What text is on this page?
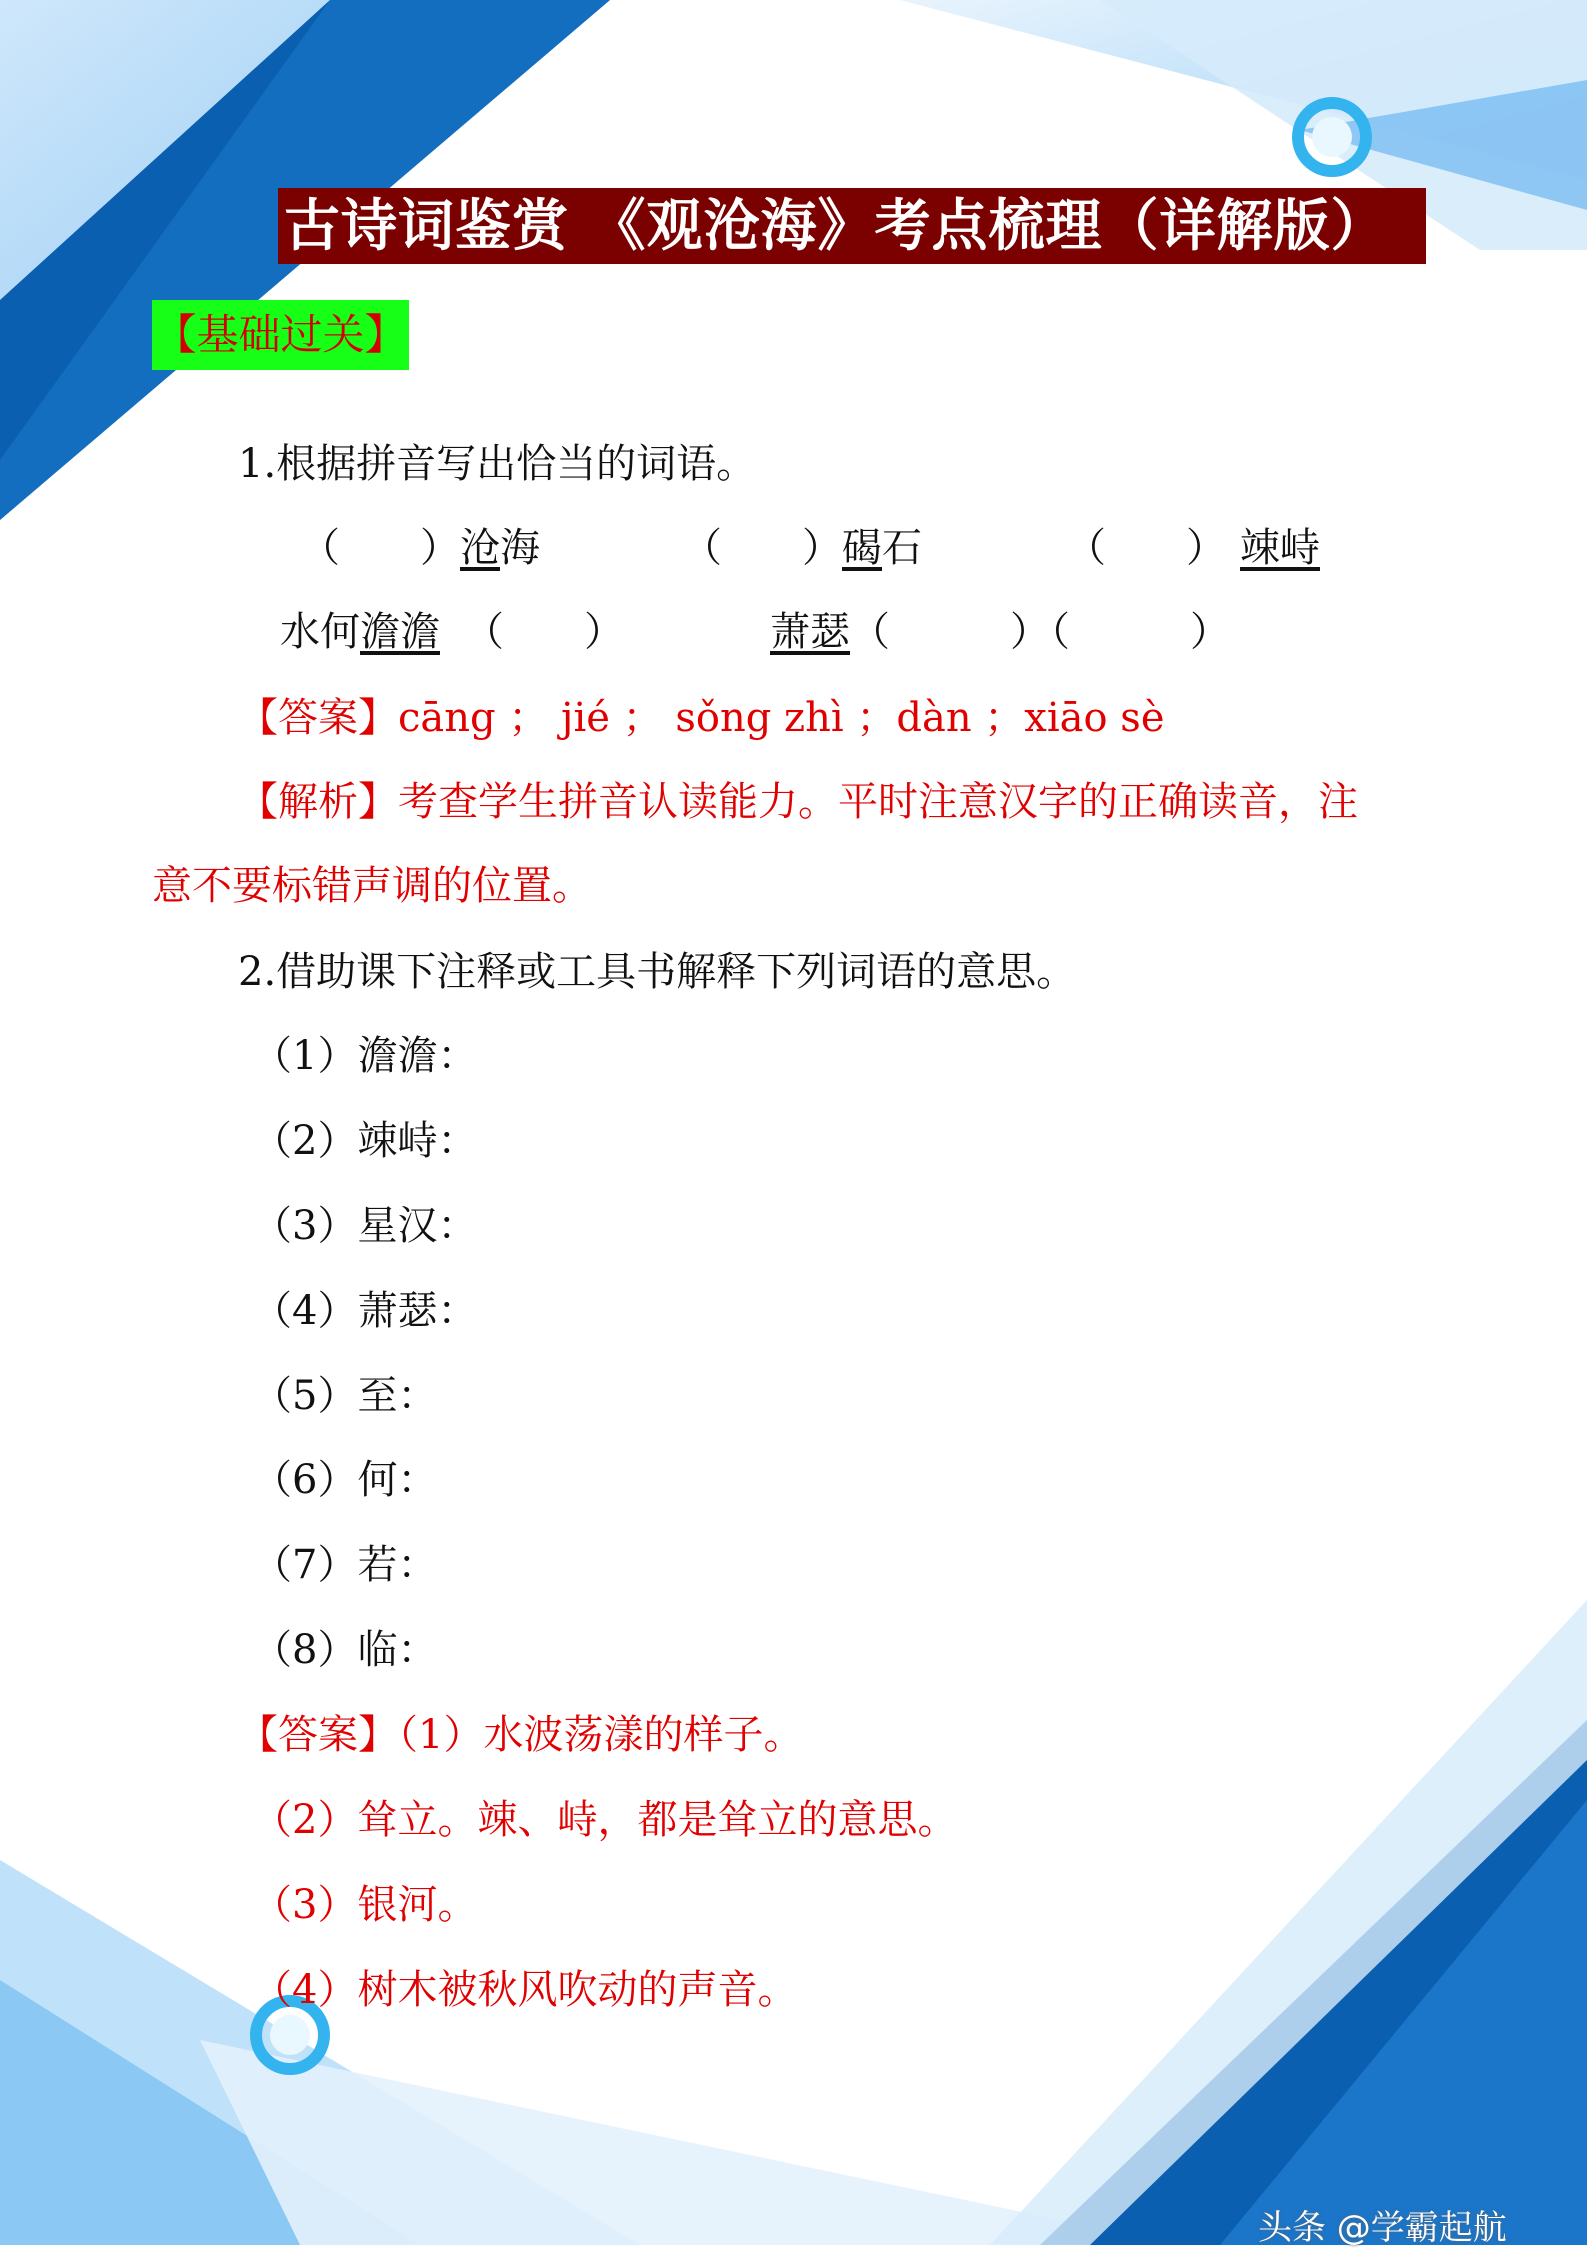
古诗词鉴赏 《观沧海》考点梳理（详解版）
【基础过关】
1.根据拼音写出恰当的词语。
（　　）沧海	（　　）碣石	（　　） 竦峙
水何澹澹 （　　）	萧瑟（　　　）（　　　）
【答案】cāng ； jié ； sǒng zhì ；dàn ；xiāo sè
【解析】考查学生拼音认读能力。平时注意汉字的正确读音，注
意不要标错声调的位置。
2.借助课下注释或工具书解释下列词语的意思。
（1）澹澹：
（2）竦峙：
（3）星汉：
（4）萧瑟：
（5）至：
（6）何：
（7）若：
（8）临：
【答案】（1）水波荡漾的样子。
（2）耸立。竦、峙，都是耸立的意思。
（3）银河。
（4）树木被秋风吹动的声音。
头条 @学霸起航
